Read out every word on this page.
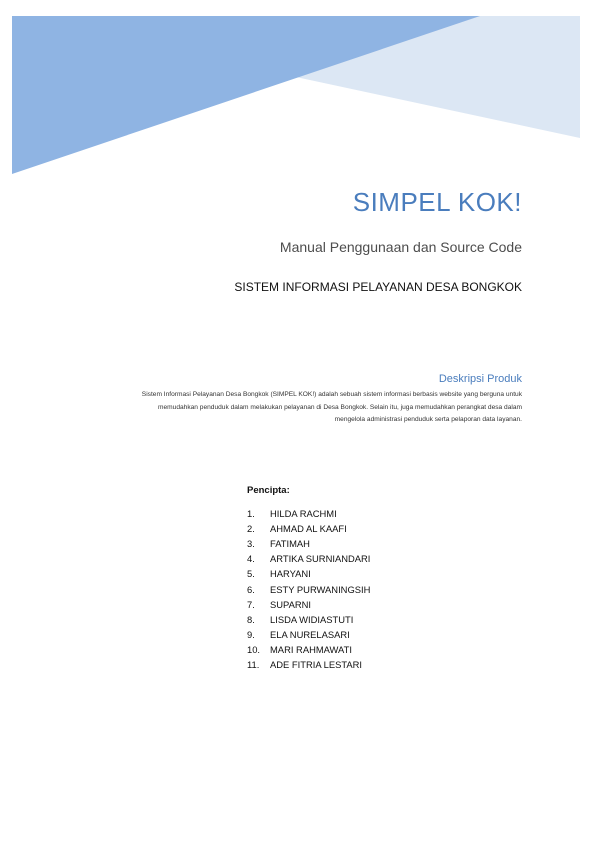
SIMPEL KOK!
Manual Penggunaan dan Source Code
SISTEM INFORMASI PELAYANAN DESA BONGKOK
Deskripsi Produk
Sistem Informasi Pelayanan Desa Bongkok (SIMPEL KOK!) adalah sebuah sistem informasi berbasis website yang berguna untuk memudahkan penduduk dalam melakukan pelayanan di Desa Bongkok. Selain itu, juga memudahkan perangkat desa dalam mengelola administrasi penduduk serta pelaporan data layanan.
Pencipta:
1.	HILDA RACHMI
2.	AHMAD AL KAAFI
3.	FATIMAH
4.	ARTIKA SURNIANDARI
5.	HARYANI
6.	ESTY PURWANINGSIH
7.	SUPARNI
8.	LISDA WIDIASTUTI
9.	ELA NURELASARI
10.	MARI RAHMAWATI
11.	ADE FITRIA LESTARI
